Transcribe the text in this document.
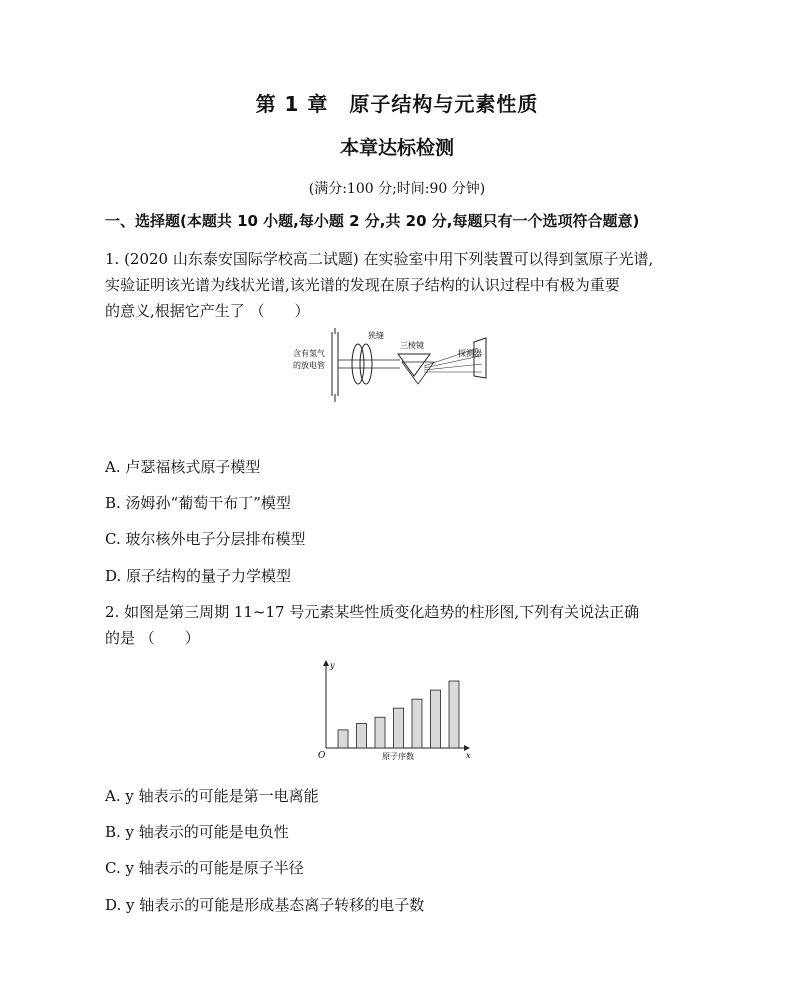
第 1 章　原子结构与元素性质
本章达标检测
(满分:100 分;时间:90 分钟)
一、选择题(本题共 10 小题,每小题 2 分,共 20 分,每题只有一个选项符合题意)
1. (2020 山东泰安国际学校高二试题) 在实验室中用下列装置可以得到氢原子光谱,
实验证明该光谱为线状光谱,该光谱的发现在原子结构的认识过程中有极为重要
的意义,根据它产生了 （　　）
含有氢气
的放电管
狭缝
三棱镜
探测器
A. 卢瑟福核式原子模型
B. 汤姆孙“葡萄干布丁”模型
C. 玻尔核外电子分层排布模型
D. 原子结构的量子力学模型
2. 如图是第三周期 11~17 号元素某些性质变化趋势的柱形图,下列有关说法正确
的是 （　　）
y
O	x
原子序数
A. y 轴表示的可能是第一电离能
B. y 轴表示的可能是电负性
C. y 轴表示的可能是原子半径
D. y 轴表示的可能是形成基态离子转移的电子数
